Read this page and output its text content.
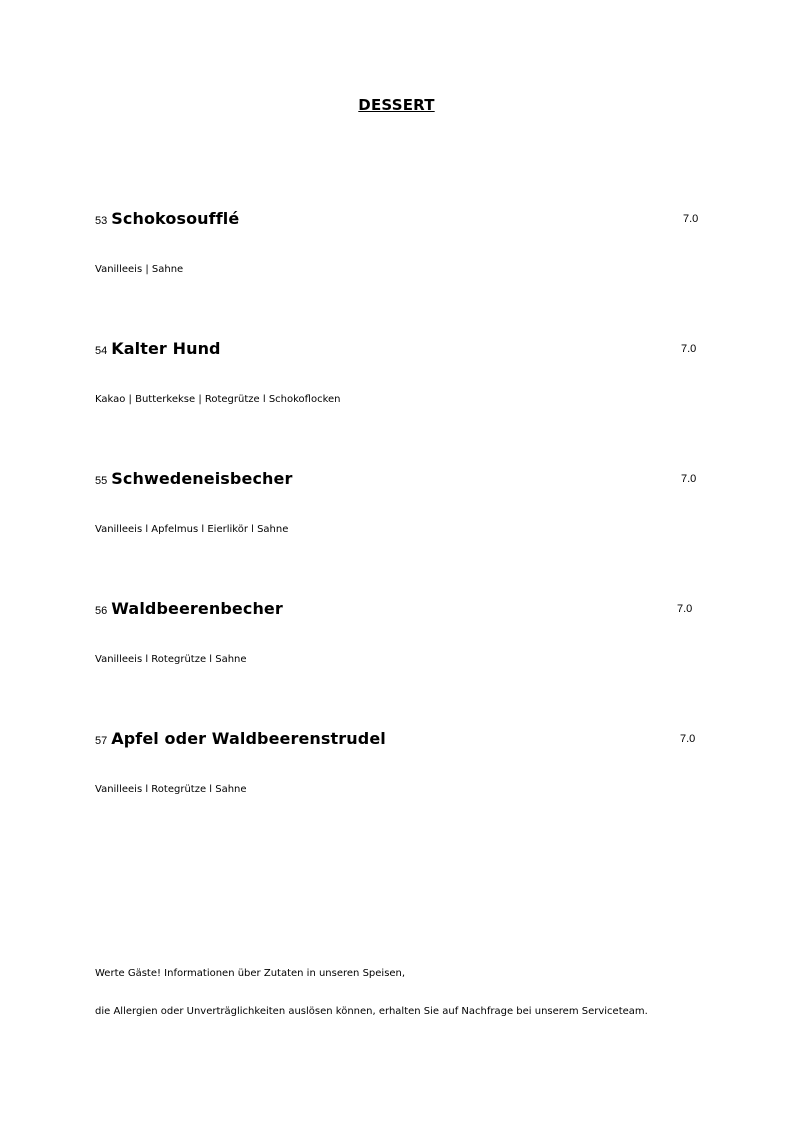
DESSERT
53 Schokosoufflé	7.0
Vanilleeis | Sahne
54 Kalter Hund	7.0
Kakao | Butterkekse | Rotegrütze l Schokoflocken
55 Schwedeneisbecher	7.0
Vanilleeis l Apfelmus l Eierlikör l Sahne
56 Waldbeerenbecher	7.0
Vanilleeis l Rotegrütze l Sahne
57 Apfel oder Waldbeerenstrudel	7.0
Vanilleeis l Rotegrütze l Sahne
Werte Gäste! Informationen über Zutaten in unseren Speisen,
die Allergien oder Unverträglichkeiten auslösen können, erhalten Sie auf Nachfrage bei unserem Serviceteam.
